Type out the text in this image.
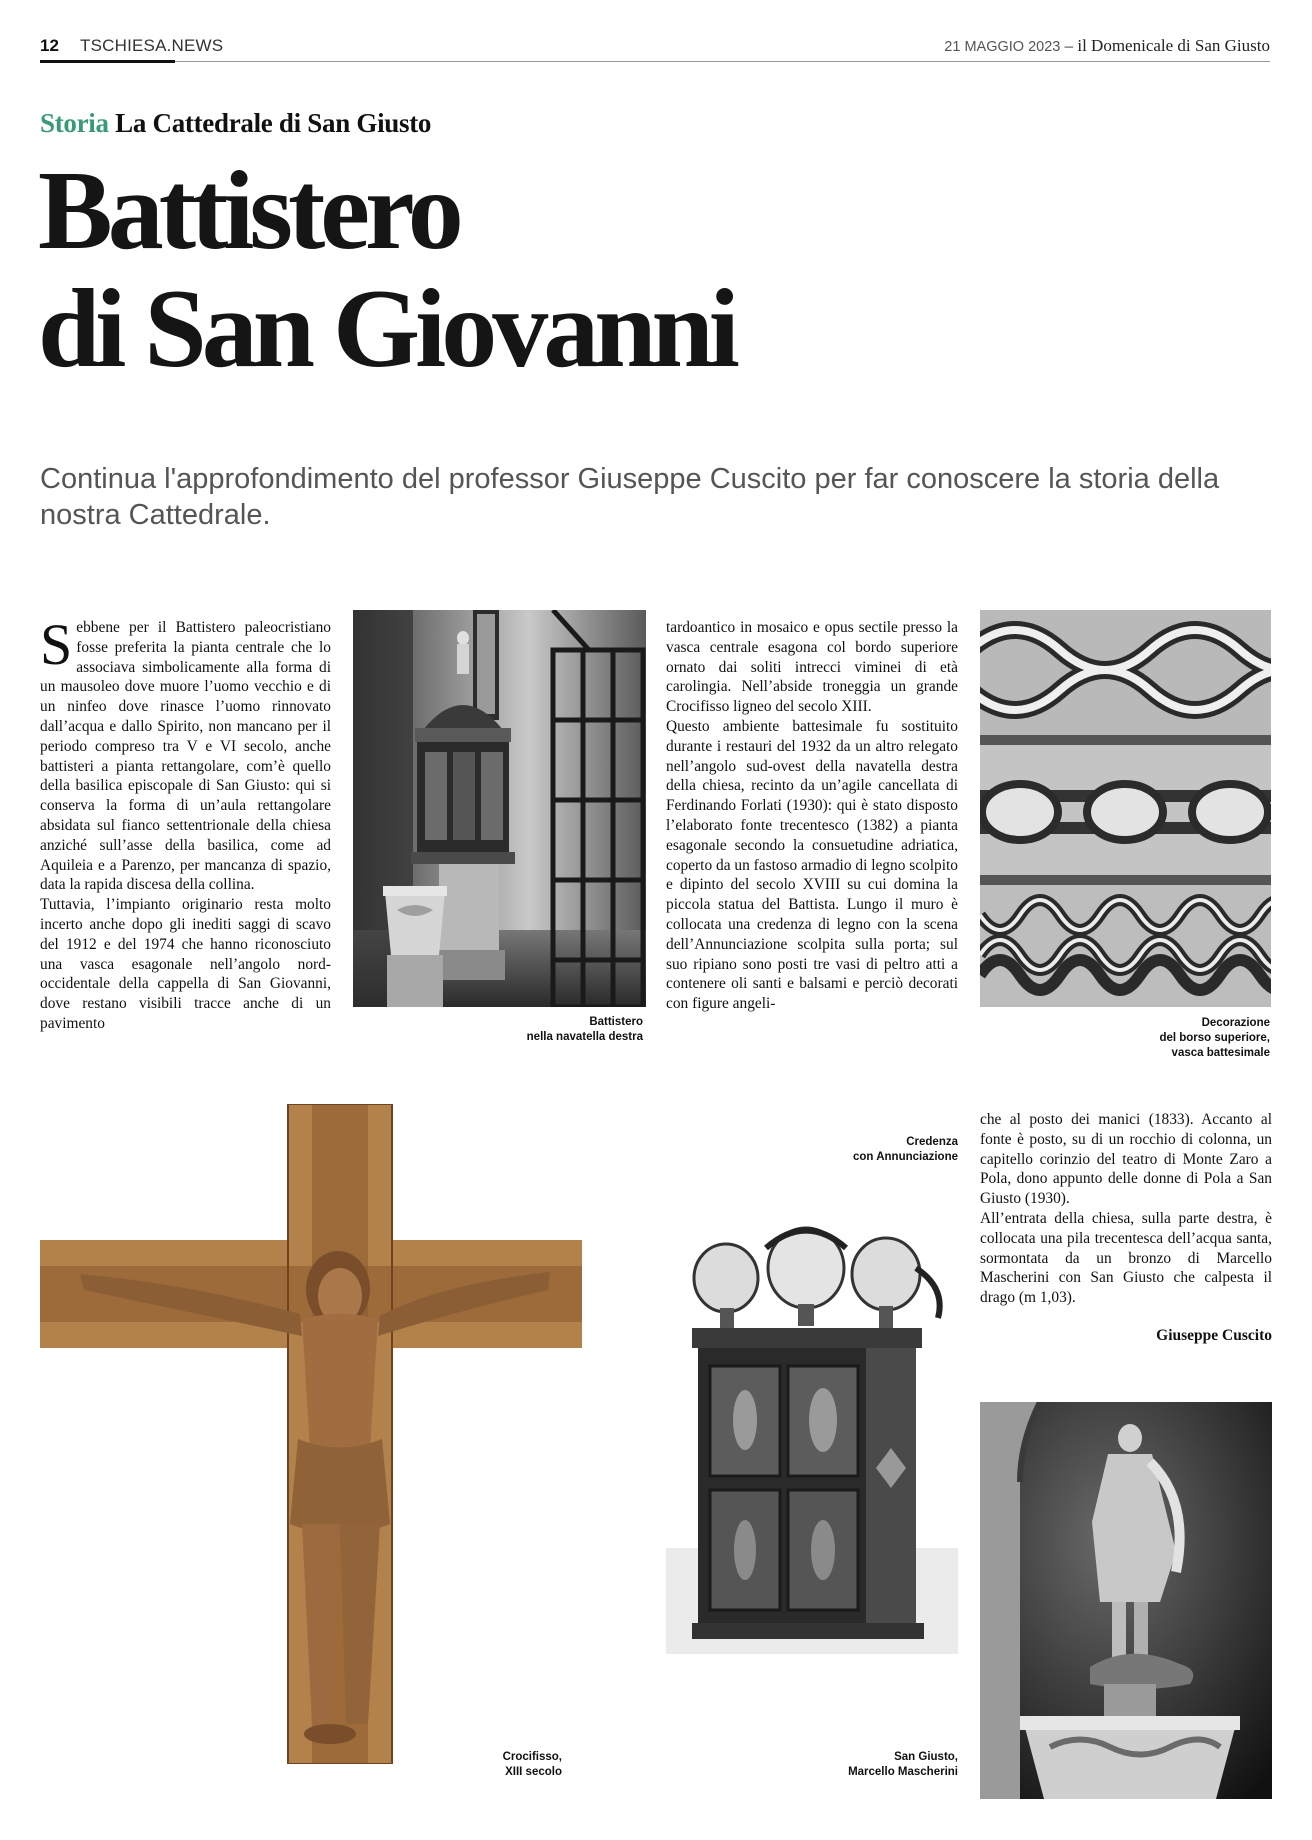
12 TSCHIESA.NEWS	21 MAGGIO 2023 – il Domenicale di San Giusto
Storia La Cattedrale di San Giusto
Battistero
di San Giovanni
Continua l'approfondimento del professor Giuseppe Cuscito per far conoscere la storia della nostra Cattedrale.

Sebbene per il Battistero paleocristiano fosse preferita la pianta centrale che lo associava simbolicamente alla forma di un mausoleo dove muore l’uomo vecchio e di un ninfeo dove rinasce l’uomo rinnovato dall’acqua e dallo Spirito, non mancano per il periodo compreso tra V e VI secolo, anche battisteri a pianta rettangolare, com’è quello della basilica episcopale di San Giusto: qui si conserva la forma di un’aula rettangolare absidata sul fianco settentrionale della chiesa anziché sull’asse della basilica, come ad Aquileia e a Parenzo, per mancanza di spazio, data la rapida discesa della collina.

Tuttavia, l’impianto originario resta molto incerto anche dopo gli inediti saggi di scavo del 1912 e del 1974 che hanno riconosciuto una vasca esagonale nell’angolo nord-occidentale della cappella di San Giovanni, dove restano visibili tracce anche di un pavimento	Battistero
nella navatella destra

tardoantico in mosaico e opus sectile presso la vasca centrale esagona col bordo superiore ornato dai soliti intrecci viminei di età carolingia. Nell’abside troneggia un grande Crocifisso ligneo del secolo XIII.

Questo ambiente battesimale fu sostituito durante i restauri del 1932 da un altro relegato nell’angolo sud-ovest della navatella destra della chiesa, recinto da un’agile cancellata di Ferdinando Forlati (1930): qui è stato disposto l’elaborato fonte trecentesco (1382) a pianta esagonale secondo la consuetudine adriatica, coperto da un fastoso armadio di legno scolpito e dipinto del secolo XVIII su cui domina la piccola statua del Battista. Lungo il muro è collocata una credenza di legno con la scena dell’Annunciazione scolpita sulla porta; sul suo ripiano sono posti tre vasi di peltro atti a contenere oli santi e balsami e perciò decorati con figure angeli-

Decorazione
del borso superiore,
vasca battesimale
Crocifisso,
XIII secolo
Credenza
con Annunciazione
San Giusto,
Marcello Mascherini

che al posto dei manici (1833). Accanto al fonte è posto, su di un rocchio di colonna, un capitello corinzio del teatro di Monte Zaro a Pola, dono appunto delle donne di Pola a San Giusto (1930).

All’entrata della chiesa, sulla parte destra, è collocata una pila trecentesca dell’acqua santa, sormontata da un bronzo di Marcello Mascherini con San Giusto che calpesta il drago (m 1,03).

Giuseppe Cuscito
